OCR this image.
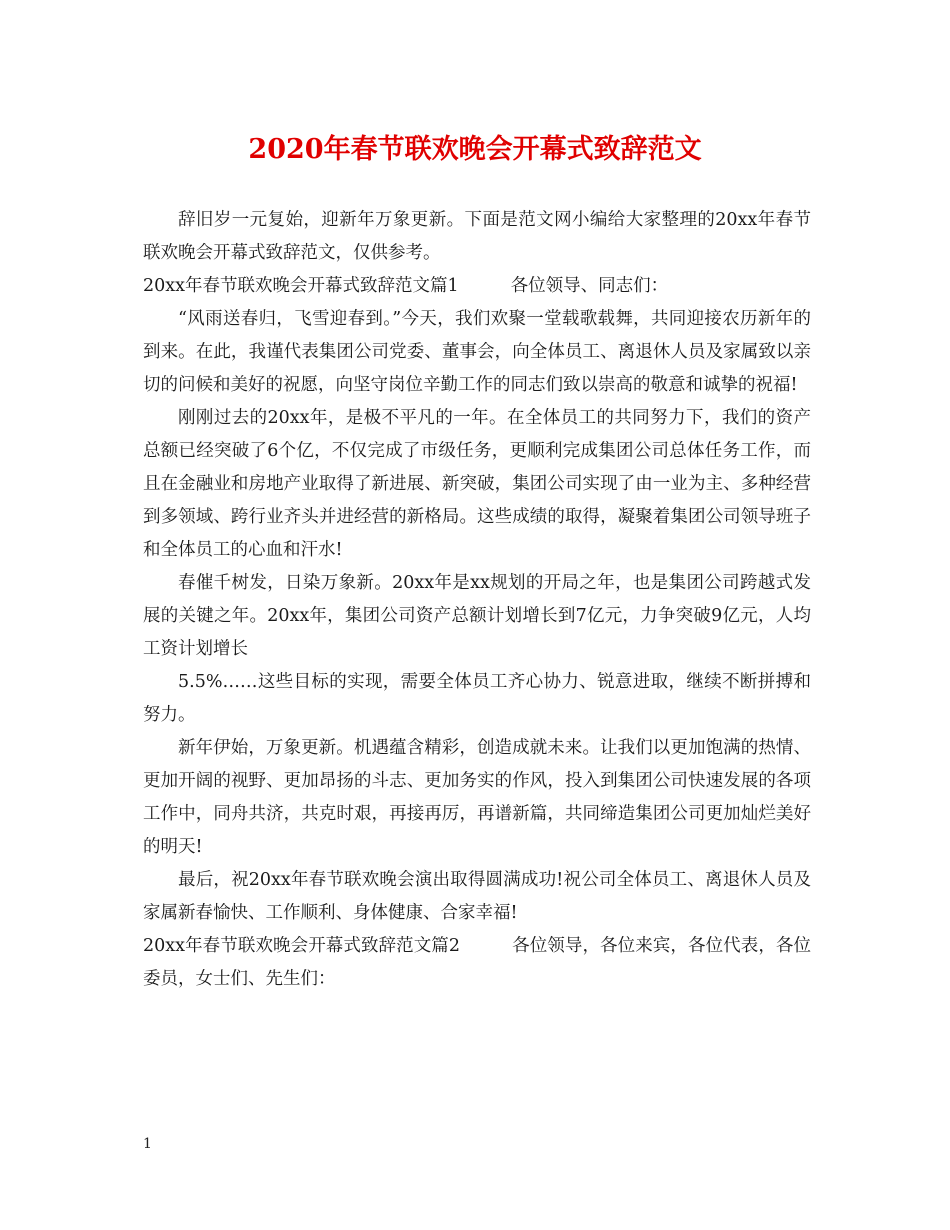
2020年春节联欢晚会开幕式致辞范文

辞旧岁一元复始，迎新年万象更新。下面是范文网小编给大家整理的20xx年春节联欢晚会开幕式致辞范文，仅供参考。

20xx年春节联欢晚会开幕式致辞范文篇1	各位领导、同志们：

“风雨送春归，飞雪迎春到。”今天，我们欢聚一堂载歌载舞，共同迎接农历新年的到来。在此，我谨代表集团公司党委、董事会，向全体员工、离退休人员及家属致以亲切的问候和美好的祝愿，向坚守岗位辛勤工作的同志们致以崇高的敬意和诚挚的祝福!

刚刚过去的20xx年，是极不平凡的一年。在全体员工的共同努力下，我们的资产总额已经突破了6个亿，不仅完成了市级任务，更顺利完成集团公司总体任务工作，而且在金融业和房地产业取得了新进展、新突破，集团公司实现了由一业为主、多种经营到多领域、跨行业齐头并进经营的新格局。这些成绩的取得，凝聚着集团公司领导班子和全体员工的心血和汗水!

春催千树发，日染万象新。20xx年是xx规划的开局之年，也是集团公司跨越式发展的关键之年。20xx年，集团公司资产总额计划增长到7亿元，力争突破9亿元，人均工资计划增长

5.5%……这些目标的实现，需要全体员工齐心协力、锐意进取，继续不断拼搏和努力。

新年伊始，万象更新。机遇蕴含精彩，创造成就未来。让我们以更加饱满的热情、更加开阔的视野、更加昂扬的斗志、更加务实的作风，投入到集团公司快速发展的各项工作中，同舟共济，共克时艰，再接再厉，再谱新篇，共同缔造集团公司更加灿烂美好的明天!

最后，祝20xx年春节联欢晚会演出取得圆满成功!祝公司全体员工、离退休人员及家属新春愉快、工作顺利、身体健康、合家幸福!

20xx年春节联欢晚会开幕式致辞范文篇2	各位领导，各位来宾，各位代表，各位委员，女士们、先生们：

1
